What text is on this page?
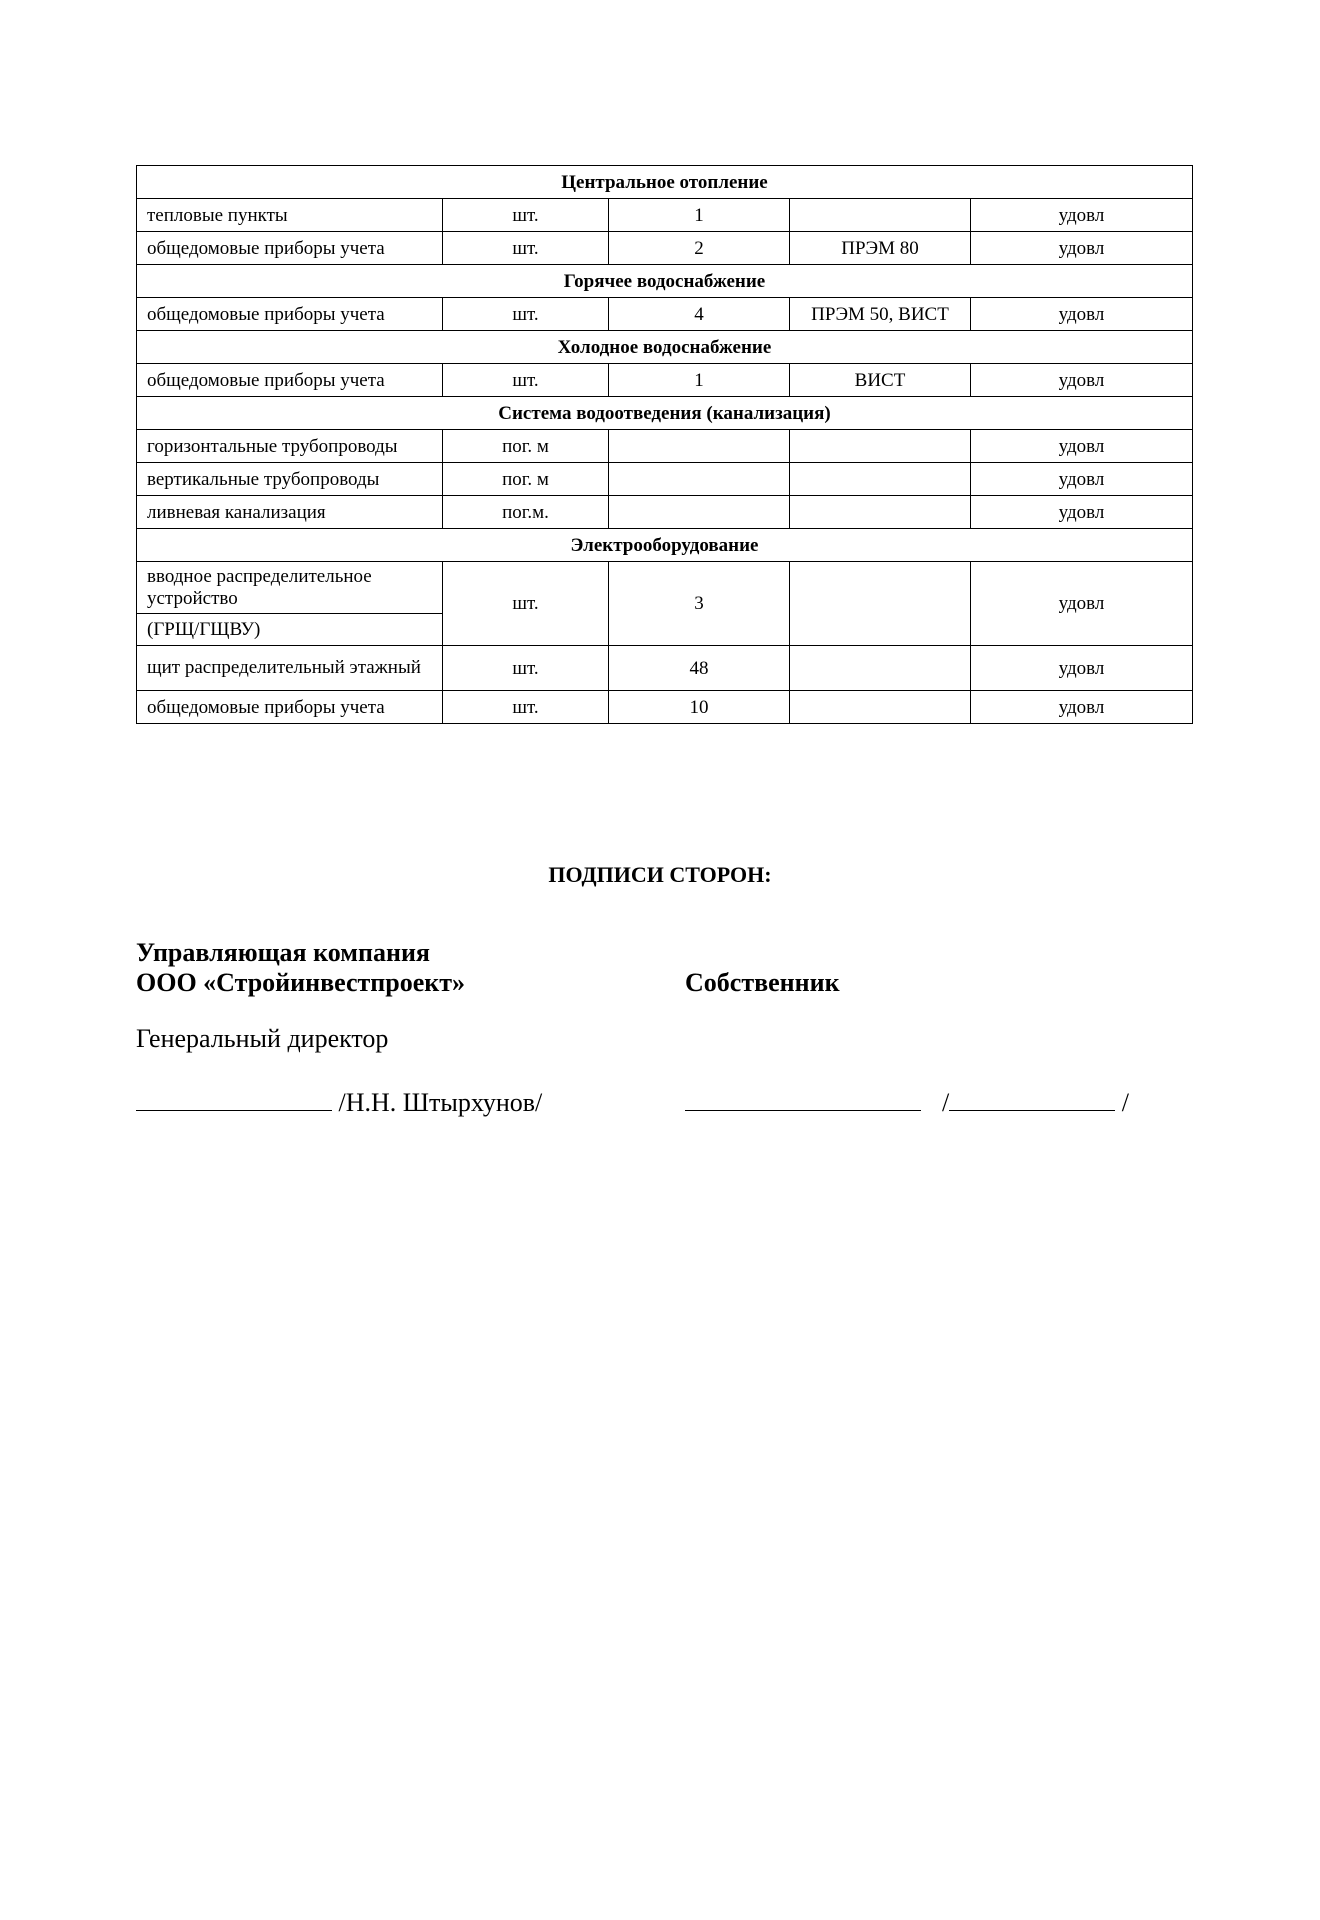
Центральное отопление				
тепловые пункты	шт.	1		удовл
общедомовые приборы учета	шт.	2	ПРЭМ 80	удовл
Горячее водоснабжение				
общедомовые приборы учета	шт.	4	ПРЭМ 50, ВИСТ	удовл
Холодное водоснабжение				
общедомовые приборы учета	шт.	1	ВИСТ	удовл
Система водоотведения (канализация)				
горизонтальные трубопроводы	пог. м			удовл
вертикальные трубопроводы	пог. м			удовл
ливневая канализация	пог.м.			удовл
Электрооборудование				
вводное распределительное устройство	шт.	3		удовл
(ГРЩ/ГЩВУ)				
щит распределительный этажный	шт.	48		удовл
общедомовые приборы учета	шт.	10		удовл
ПОДПИСИ СТОРОН:
Управляющая компания
ООО «Стройинвестпроект»	Собственник
Генеральный директор
/Н.Н. Штырхунов/	/	/
